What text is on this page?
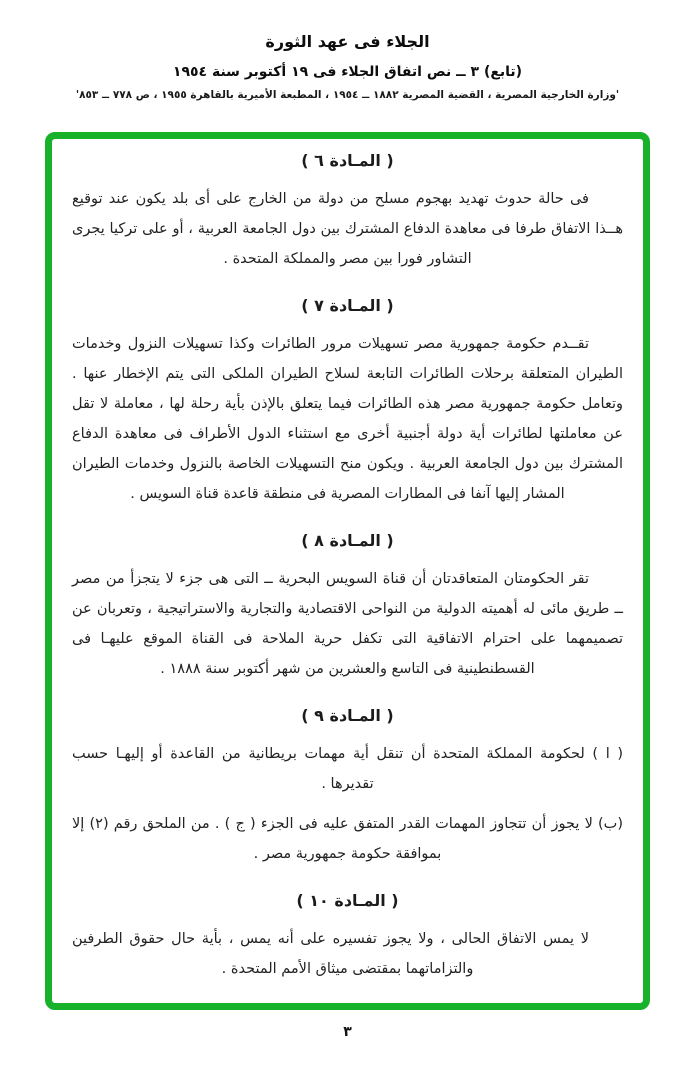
الجلاء فى عهد الثورة
(تابع) ٣ ــ نص اتفاق الجلاء فى ١٩ أكتوبر سنة ١٩٥٤
'وزارة الخارجية المصرية ، القضية المصرية ١٨٨٢ ــ ١٩٥٤ ، المطبعة الأميرية بالقاهرة ١٩٥٥ ، ص ٧٧٨ ــ ٨٥٣'
( المـادة ٦ )

فى حالة حدوث تهديد بهجوم مسلح من دولة من الخارج على أى بلد يكون عند توقيع هــذا الاتفاق طرفا فى معاهدة الدفاع المشترك بين دول الجامعة العربية ، أو على تركيا يجرى التشاور فورا بين مصر والمملكة المتحدة .

( المـادة ٧ )

تقــدم حكومة جمهورية مصر تسهيلات مرور الطائرات وكذا تسهيلات النزول وخدمات الطيران المتعلقة برحلات الطائرات التابعة لسلاح الطيران الملكى التى يتم الإخطار عنها . وتعامل حكومة جمهورية مصر هذه الطائرات فيما يتعلق بالإذن بأية رحلة لها ، معاملة لا تقل عن معاملتها لطائرات أية دولة أجنبية أخرى مع استثناء الدول الأطراف فى معاهدة الدفاع المشترك بين دول الجامعة العربية . ويكون منح التسهيلات الخاصة بالنزول وخدمات الطيران المشار إليها آنفا فى المطارات المصرية فى منطقة قاعدة قناة السويس .

( المـادة ٨ )

تقر الحكومتان المتعاقدتان أن قناة السويس البحرية ــ التى هى جزء لا يتجزأ من مصر ــ طريق مائى له أهميته الدولية من النواحى الاقتصادية والتجارية والاستراتيجية ، وتعربان عن تصميمهما على احترام الاتفاقية التى تكفل حرية الملاحة فى القناة الموقع عليهـا فى القسطنطينية فى التاسع والعشرين من شهر أكتوبر سنة ١٨٨٨ .

( المـادة ٩ )

( ا ) لحكومة المملكة المتحدة أن تنقل أية مهمات بريطانية من القاعدة أو إليهـا حسب تقديرها .

(ب) لا يجوز أن تتجاوز المهمات القدر المتفق عليه فى الجزء ( ج ) . من الملحق رقم (٢) إلا بموافقة حكومة جمهورية مصر .

( المـادة ١٠ )

لا يمس الاتفاق الحالى ، ولا يجوز تفسيره على أنه يمس ، بأية حال حقوق الطرفين والتزاماتهما بمقتضى ميثاق الأمم المتحدة .

٣
